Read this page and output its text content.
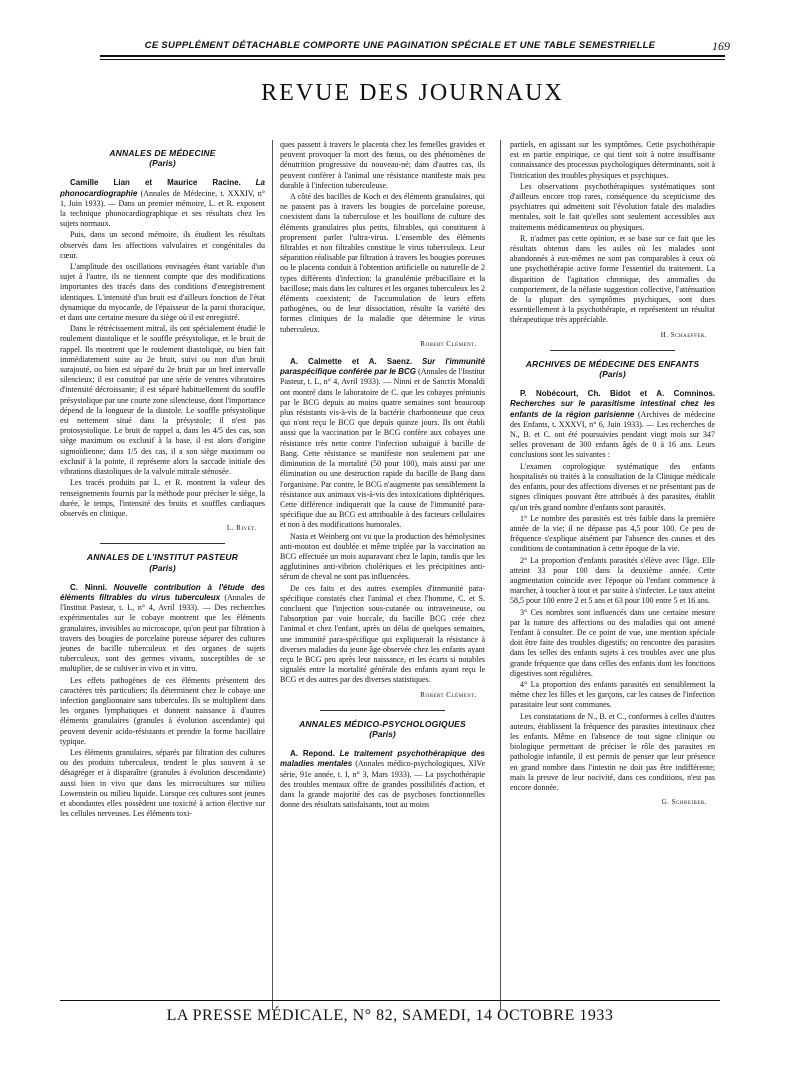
CE SUPPLÉMENT DÉTACHABLE COMPORTE UNE PAGINATION SPÉCIALE ET UNE TABLE SEMESTRIELLE	169
REVUE DES JOURNAUX
ANNALES DE MÉDECINE
(Paris)

Camille Lian et Maurice Racine. La phonocardiographie (Annales de Médecine, t. XXXIV, n° 1, Juin 1933). — Dans un premier mémoire, L. et R. exposent la technique phonocardiographique et ses résultats chez les sujets normaux.

Puis, dans un second mémoire, ils étudient les résultats observés dans les affections valvulaires et congénitales du cœur.

L'amplitude des oscillations envisagées étant variable d'un sujet à l'autre, ils ne tiennent compte que des modifications importantes des tracés dans des conditions d'enregistrement identiques. L'intensité d'un bruit est d'ailleurs fonction de l'état dynamique du myocarde, de l'épaisseur de la paroi thoracique, et dans une certaine mesure du siège où il est enregistré.

Dans le rétrécissement mitral, ils ont spécialement étudié le roulement diastolique et le souffle présystolique, et le bruit de rappel. Ils montrent que le roulement diastolique, ou bien fait immédiatement suite au 2e bruit, suivi ou non d'un bruit surajouté, ou bien est séparé du 2e bruit par un bref intervalle silencieux; il est constitué par une série de ventres vibratoires d'intensité décroissante; il est séparé habituellement du souffle présystolique par une courte zone silencieuse, dont l'importance dépend de la longueur de la diastole. Le souffle présystolique est nettement situé dans la présystole; il n'est pas protosystolique. Le bruit de rappel a, dans les 4/5 des cas, son siège maximum ou exclusif à la base, il est alors d'origine sigmoïdienne; dans 1/5 des cas, il a son siège maximum ou exclusif à la pointe, il représente alors la saccade initiale des vibrations diastoliques de la valvule mitrale sténosée.

Les tracés produits par L. et R. montrent la valeur des renseignements fournis par la méthode pour préciser le siège, la durée, le temps, l'intensité des bruits et souffles cardiaques observés en clinique.

L. Rivet.
ANNALES DE L'INSTITUT PASTEUR
(Paris)

C. Ninni. Nouvelle contribution à l'étude des éléments filtrables du virus tuberculeux (Annales de l'Institut Pasteur, t. L, n° 4, Avril 1933). — Des recherches expérimentales sur le cobaye montrent que les éléments granulaires, invisibles au microscope, qu'on peut par filtration à travers des bougies de porcelaine poreuse séparer des cultures jeunes de bacille tuberculeux et des organes de sujets tuberculeux, sont des germes vivants, susceptibles de se multiplier, de se cultiver in vivo et in vitro.

Les effets pathogènes de ces éléments présentent des caractères très particuliers; ils déterminent chez le cobaye une infection ganglionnaire sans tubercules. Ils se multiplient dans les organes lymphatiques et donnent naissance à d'autres éléments granulaires (granules à évolution ascendante) qui peuvent devenir acido-résistants et prendre la forme bacillaire typique.

Les éléments granulaires, séparés par filtration des cultures ou des produits tuberculeux, tendent le plus souvent à se désagréger et à disparaître (granules à évolution descendante) aussi bien in vivo que dans les microcultures sur milieu Lowenstein ou milieu liquide. Lorsque ces cultures sont jeunes et abondantes elles possèdent une toxicité à action élective sur les cellules nerveuses. Les éléments toxi-

ques passent à travers le placenta chez les femelles gravides et peuvent provoquer la mort des fœtus, ou des phénomènes de dénutrition progressive du nouveau-né; dans d'autres cas, ils peuvent conférer à l'animal une résistance manifeste mais peu durable à l'infection tuberculeuse.

A côté des bacilles de Koch et des éléments granulaires, qui ne passent pas à travers les bougies de porcelaine poreuse, coexistent dans la tuberculose et les bouillons de culture des éléments granulaires plus petits, filtrables, qui constituent à proprement parler l'ultra-virus. L'ensemble des éléments filtrables et non filtrables constitue le virus tuberculeux. Leur séparation réalisable par filtration à travers les bougies poreuses ou le placenta conduit à l'obtention artificielle ou naturelle de 2 types différents d'infection: la granulémie prébacillaire et la bacillose; mais dans les cultures et les organes tuberculeux les 2 éléments coexistent; de l'accumulation de leurs effets pathogènes, ou de leur dissociation, résulte la variété des formes cliniques de la maladie que détermine le virus tuberculeux.

Robert Clément.

A. Calmette et A. Saenz. Sur l'immunité paraspécifique conférée par le BCG (Annales de l'Institut Pasteur, t. L, n° 4, Avril 1933). — Ninni et de Sanctis Monaldi ont montré dans le laboratoire de C. que les cobayes prémunis par le BCG depuis au moins quatre semaines sont beaucoup plus résistants vis-à-vis de la bactérie charbonneuse que ceux qui n'ont reçu le BCG que depuis quinze jours. Ils ont établi aussi que la vaccination par le BCG confère aux cobayes une résistance très nette contre l'infection subaiguë à bacille de Bang. Cette résistance se manifeste non seulement par une diminution de la mortalité (50 pour 100), mais aussi par une élimination ou une destruction rapide du bacille de Bang dans l'organisme. Par contre, le BCG n'augmente pas sensiblement la résistance aux animaux vis-à-vis des intoxications diphtériques. Cette différence indiquerait que la cause de l'immunité para-spécifique due au BCG est attribuable à des facteurs cellulaires et non à des modifications humorales.

Nasta et Weinberg ont vu que la production des hémolysines anti-mouton est doublée et même triplée par la vaccination au BCG effectuée un mois auparavant chez le lapin, tandis que les agglutinines anti-vibrion cholériques et les précipitines anti-sérum de cheval ne sont pas influencées.

De ces faits et des autres exemples d'immunité para-spécifique constatés chez l'animal et chez l'homme, C. et S. concluent que l'injection sous-cutanée ou intraveineuse, ou l'absorption par voie buccale, du bacille BCG crée chez l'animal et chez l'enfant, après un délai de quelques semaines, une immunité para-spécifique qui expliquerait la résistance à diverses maladies du jeune âge observée chez les enfants ayant reçu le BCG peu après leur naissance, et les écarts si notables signalés entre la mortalité générale des enfants ayant reçu le BCG et des autres par des diverses statistiques.

Robert Clément.
ANNALES MÉDICO-PSYCHOLOGIQUES
(Paris)

A. Repond. Le traitement psychothérapique des maladies mentales (Annales médico-psychologiques, XIVe série, 91e année, t. I, n° 3, Mars 1933). — La psychothérapie des troubles mentaux offre de grandes possibilités d'action, et dans la grande majorité des cas de psychoses fonctionnelles donne des résultats satisfaisants, tout au moins

partiels, en agissant sur les symptômes. Cette psychothérapie est en partie empirique, ce qui tient soit à notre insuffisante connaissance des processus psychologiques déterminants, soit à l'intrication des troubles physiques et psychiques.

Les observations psychothérapiques systématiques sont d'ailleurs encore trop rares, conséquence du scepticisme des psychiatres qui admettent soit l'évolution fatale des maladies mentales, soit le fait qu'elles sont seulement accessibles aux traitements médicamenteux ou physiques.

R. n'admet pas cette opinion, et se base sur ce fait que les résultats obtenus dans les asiles où les malades sont abandonnés à eux-mêmes ne sont pas comparables à ceux où une psychothérapie active forme l'essentiel du traitement. La disparition de l'agitation chronique, des anomalies du comportement, de la néfaste suggestion collective, l'atténuation de la plupart des symptômes psychiques, sont dues essentiellement à la psychothérapie, et représentent un résultat thérapeutique très appréciable.

H. Schaeffer.
ARCHIVES DE MÉDECINE DES ENFANTS
(Paris)

P. Nobécourt, Ch. Bidot et A. Comninos. Recherches sur le parasitisme intestinal chez les enfants de la région parisienne (Archives de médecine des Enfants, t. XXXVI, n° 6, Juin 1933). — Les recherches de N., B. et C. ont été poursuivies pendant vingt mois sur 347 selles provenant de 300 enfants âgés de 0 à 16 ans. Leurs conclusions sont les suivantes :

L'examen coprologique systématique des enfants hospitalisés ou traités à la consultation de la Clinique médicale des enfants, pour des affections diverses et ne présentant pas de signes cliniques pouvant être attribués à des parasites, établit qu'un très grand nombre d'enfants sont parasités.

1° Le nombre des parasités est très faible dans la première année de la vie; il ne dépasse pas 4,5 pour 100. Ce peu de fréquence s'explique aisément par l'absence des causes et des conditions de contamination à cette époque de la vie.

2° La proportion d'enfants parasités s'élève avec l'âge. Elle atteint 33 pour 100 dans la deuxième année. Cette augmentation coïncide avec l'époque où l'enfant commence à marcher, à toucher à tout et par suite à s'infecter. Le taux atteint 58,5 pour 100 entre 2 et 5 ans et 63 pour 100 entre 5 et 16 ans.

3° Ces nombres sont influencés dans une certaine mesure par la nature des affections ou des maladies qui ont amené l'enfant à consulter. De ce point de vue, une mention spéciale doit être faite des troubles digestifs; on rencontre des parasites dans les selles des enfants sujets à ces troubles avec une plus grande fréquence que dans celles des enfants dont les fonctions digestives sont régulières.

4° La proportion des enfants parasités est sensiblement la même chez les filles et les garçons, car les causes de l'infection parasitaire leur sont communes.

Les constatations de N., B. et C., conformes à celles d'autres auteurs, établissent la fréquence des parasites intestinaux chez les enfants. Même en l'absence de tout signe clinique ou biologique permettant de préciser le rôle des parasites en pathologie infantile, il est permis de penser que leur présence en grand nombre dans l'intestin ne doit pas être indifférente; mais la preuve de leur nocivité, dans ces conditions, n'est pas encore donnée.

G. Schreiber.
LA PRESSE MÉDICALE, N° 82, SAMEDI, 14 OCTOBRE 1933
